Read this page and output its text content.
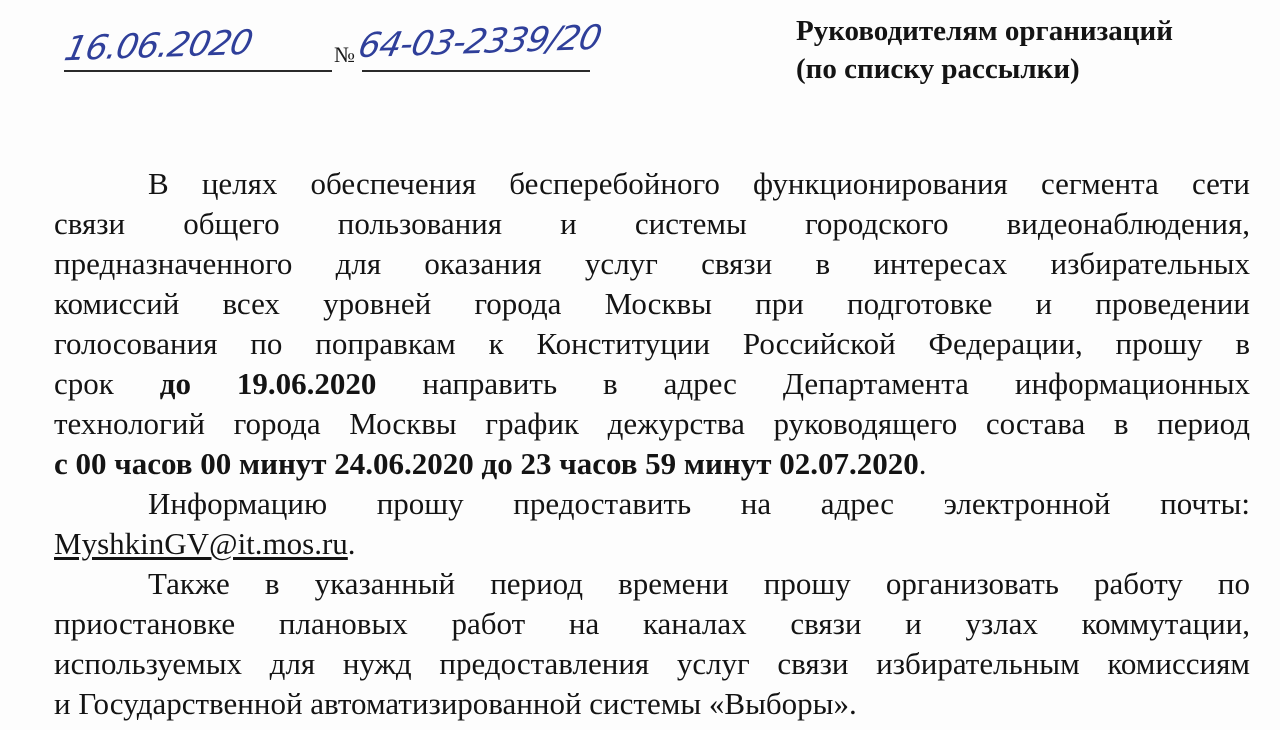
16.06.2020	№ 64-03-2339/20	Руководителям организаций
(по списку рассылки)
В целях обеспечения бесперебойного функционирования сегмента сети
связи общего пользования и системы городского видеонаблюдения,
предназначенного для оказания услуг связи в интересах избирательных
комиссий всех уровней города Москвы при подготовке и проведении
голосования по поправкам к Конституции Российской Федерации, прошу в
срок до 19.06.2020 направить в адрес Департамента информационных
технологий города Москвы график дежурства руководящего состава в период
с 00 часов 00 минут 24.06.2020 до 23 часов 59 минут 02.07.2020.
Информацию прошу предоставить на адрес электронной почты:
MyshkinGV@it.mos.ru.
Также в указанный период времени прошу организовать работу по
приостановке плановых работ на каналах связи и узлах коммутации,
используемых для нужд предоставления услуг связи избирательным комиссиям
и Государственной автоматизированной системы «Выборы».
